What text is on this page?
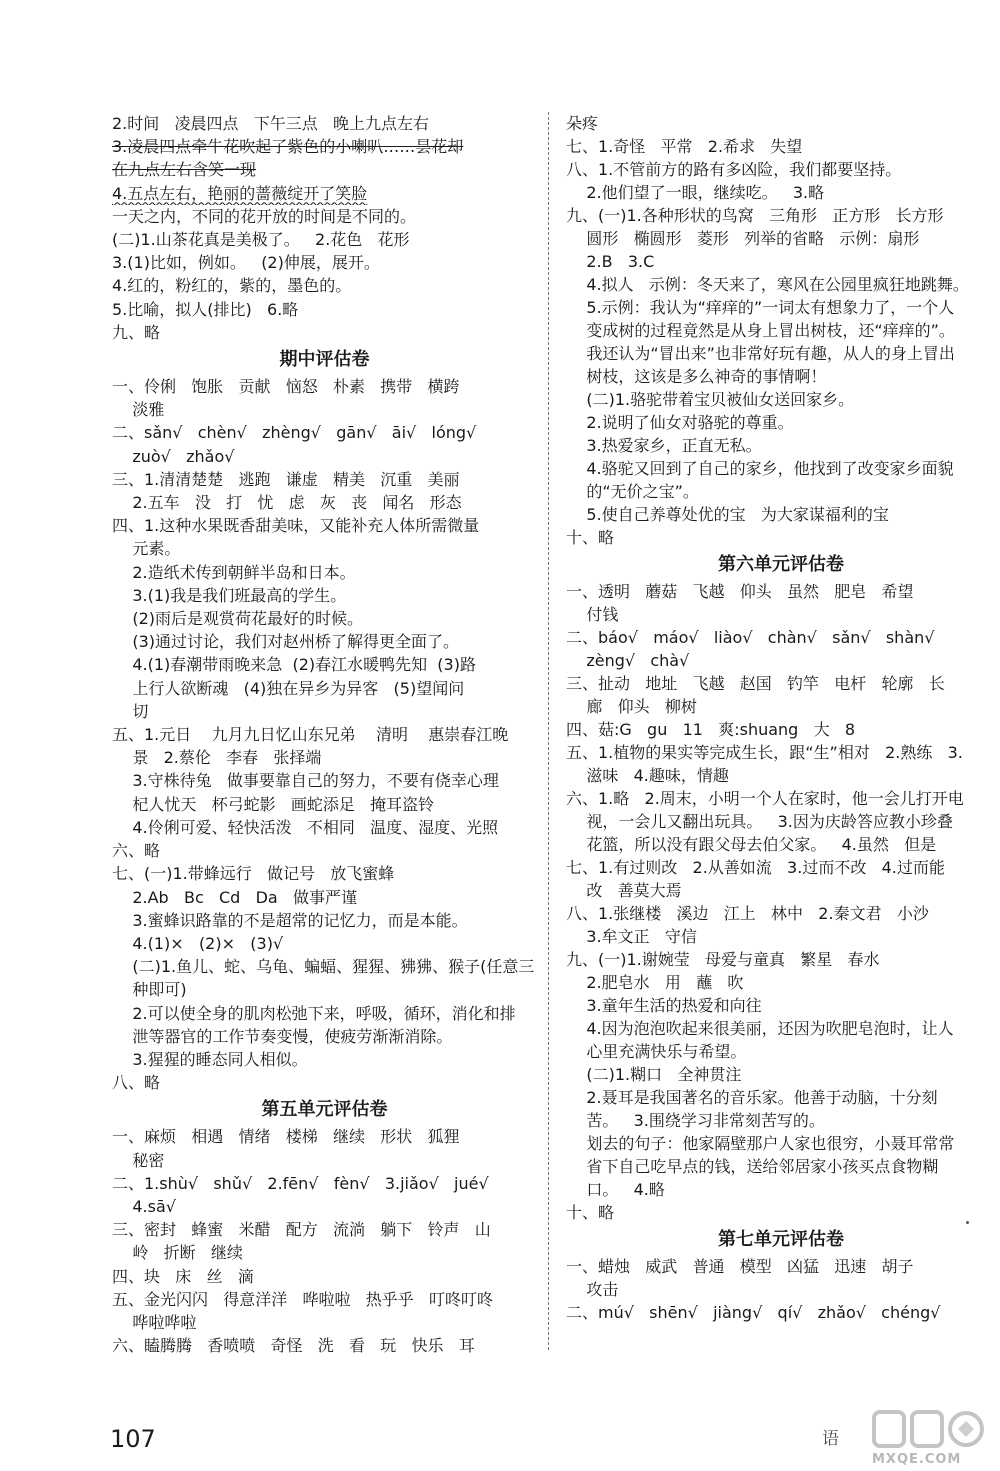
2.时间   凌晨四点   下午三点   晚上九点左右
3.凌晨四点牵牛花吹起了紫色的小喇叭……昙花却
在九点左右含笑一现
4.五点左右，艳丽的蔷薇绽开了笑脸
一天之内，不同的花开放的时间是不同的。
(二)1.山茶花真是美极了。   2.花色   花形
3.(1)比如，例如。   (2)伸展，展开。
4.红的，粉红的，紫的，墨色的。
5.比喻，拟人(排比)   6.略
九、略
期中评估卷
一、伶俐   饱胀   贡献   恼怒   朴素   携带   横跨
淡雅
二、sǎn√   chèn√   zhèng√   gān√   āi√   lóng√
zuò√   zhǎo√
三、1.清清楚楚   逃跑   谦虚   精美   沉重   美丽
2.五车   没   打   忧   虑   灰   丧   闻名   形态
四、1.这种水果既香甜美味，又能补充人体所需微量
元素。
2.造纸术传到朝鲜半岛和日本。
3.(1)我是我们班最高的学生。
(2)雨后是观赏荷花最好的时候。
(3)通过讨论，我们对赵州桥了解得更全面了。
4.(1)春潮带雨晚来急  (2)春江水暖鸭先知  (3)路
上行人欲断魂   (4)独在异乡为异客   (5)望闻问
切
五、1.元日    九月九日忆山东兄弟    清明    惠崇春江晚
景   2.蔡伦   李春   张择端
3.守株待兔   做事要靠自己的努力，不要有侥幸心理
杞人忧天   杯弓蛇影   画蛇添足   掩耳盗铃
4.伶俐可爱、轻快活泼   不相同   温度、湿度、光照
六、略
七、(一)1.带蜂远行   做记号   放飞蜜蜂
2.Ab   Bc   Cd   Da   做事严谨
3.蜜蜂识路靠的不是超常的记忆力，而是本能。
4.(1)×   (2)×   (3)√
(二)1.鱼儿、蛇、乌龟、蝙蝠、猩猩、狒狒、猴子(任意三
种即可)
2.可以使全身的肌肉松弛下来，呼吸，循环，消化和排
泄等器官的工作节奏变慢，使疲劳渐渐消除。
3.猩猩的睡态同人相似。
八、略
第五单元评估卷
一、麻烦   相遇   情绪   楼梯   继续   形状   狐狸
秘密
二、1.shù√   shǔ√   2.fēn√   fèn√   3.jiǎo√   jué√
4.sā√
三、密封   蜂蜜   米醋   配方   流淌   躺下   铃声   山
岭   折断   继续
四、块   床   丝   滴
五、金光闪闪   得意洋洋   哗啦啦   热乎乎   叮咚叮咚
哗啦哗啦
六、瞌腾腾   香喷喷   奇怪   洗   看   玩   快乐   耳
朵疼
七、1.奇怪   平常   2.希求   失望
八、1.不管前方的路有多凶险，我们都要坚持。
2.他们望了一眼，继续吃。   3.略
九、(一)1.各种形状的鸟窝   三角形   正方形   长方形
圆形   椭圆形   菱形   列举的省略   示例：扇形
2.B   3.C
4.拟人   示例：冬天来了，寒风在公园里疯狂地跳舞。
5.示例：我认为“痒痒的”一词太有想象力了，一个人
变成树的过程竟然是从身上冒出树枝，还“痒痒的”。
我还认为“冒出来”也非常好玩有趣，从人的身上冒出
树枝，这该是多么神奇的事情啊！
(二)1.骆驼带着宝贝被仙女送回家乡。
2.说明了仙女对骆驼的尊重。
3.热爱家乡，正直无私。
4.骆驼又回到了自己的家乡，他找到了改变家乡面貌
的“无价之宝”。
5.使自己养尊处优的宝   为大家谋福利的宝
十、略
第六单元评估卷
一、透明   蘑菇   飞越   仰头   虽然   肥皂   希望
付钱
二、báo√   máo√   liào√   chàn√   sǎn√   shàn√
zèng√   chà√
三、扯动   地址   飞越   赵国   钓竿   电杆   轮廓   长
廊   仰头   柳树
四、菇:G   gu   11   爽:shuang   大   8
五、1.植物的果实等完成生长，跟“生”相对   2.熟练   3.
滋味   4.趣味，情趣
六、1.略   2.周末，小明一个人在家时，他一会儿打开电
视，一会儿又翻出玩具。   3.因为庆龄答应教小珍叠
花篮，所以没有跟父母去伯父家。   4.虽然   但是
七、1.有过则改   2.从善如流   3.过而不改   4.过而能
改   善莫大焉
八、1.张继楼   溪边   江上   林中   2.秦文君   小沙
3.牟文正   守信
九、(一)1.谢婉莹   母爱与童真   繁星   春水
2.肥皂水   用   蘸   吹
3.童年生活的热爱和向往
4.因为泡泡吹起来很美丽，还因为吹肥皂泡时，让人
心里充满快乐与希望。
(二)1.糊口   全神贯注
2.聂耳是我国著名的音乐家。他善于动脑，十分刻
苦。   3.围绕学习非常刻苦写的。
划去的句子：他家隔壁那户人家也很穷，小聂耳常常
省下自己吃早点的钱，送给邻居家小孩买点食物糊
口。   4.略
十、略
第七单元评估卷
一、蜡烛   威武   普通   模型   凶猛   迅速   胡子
攻击
二、mú√   shēn√   jiàng√   qí√   zhǎo√   chéng√
107	语
MXQE.COM
